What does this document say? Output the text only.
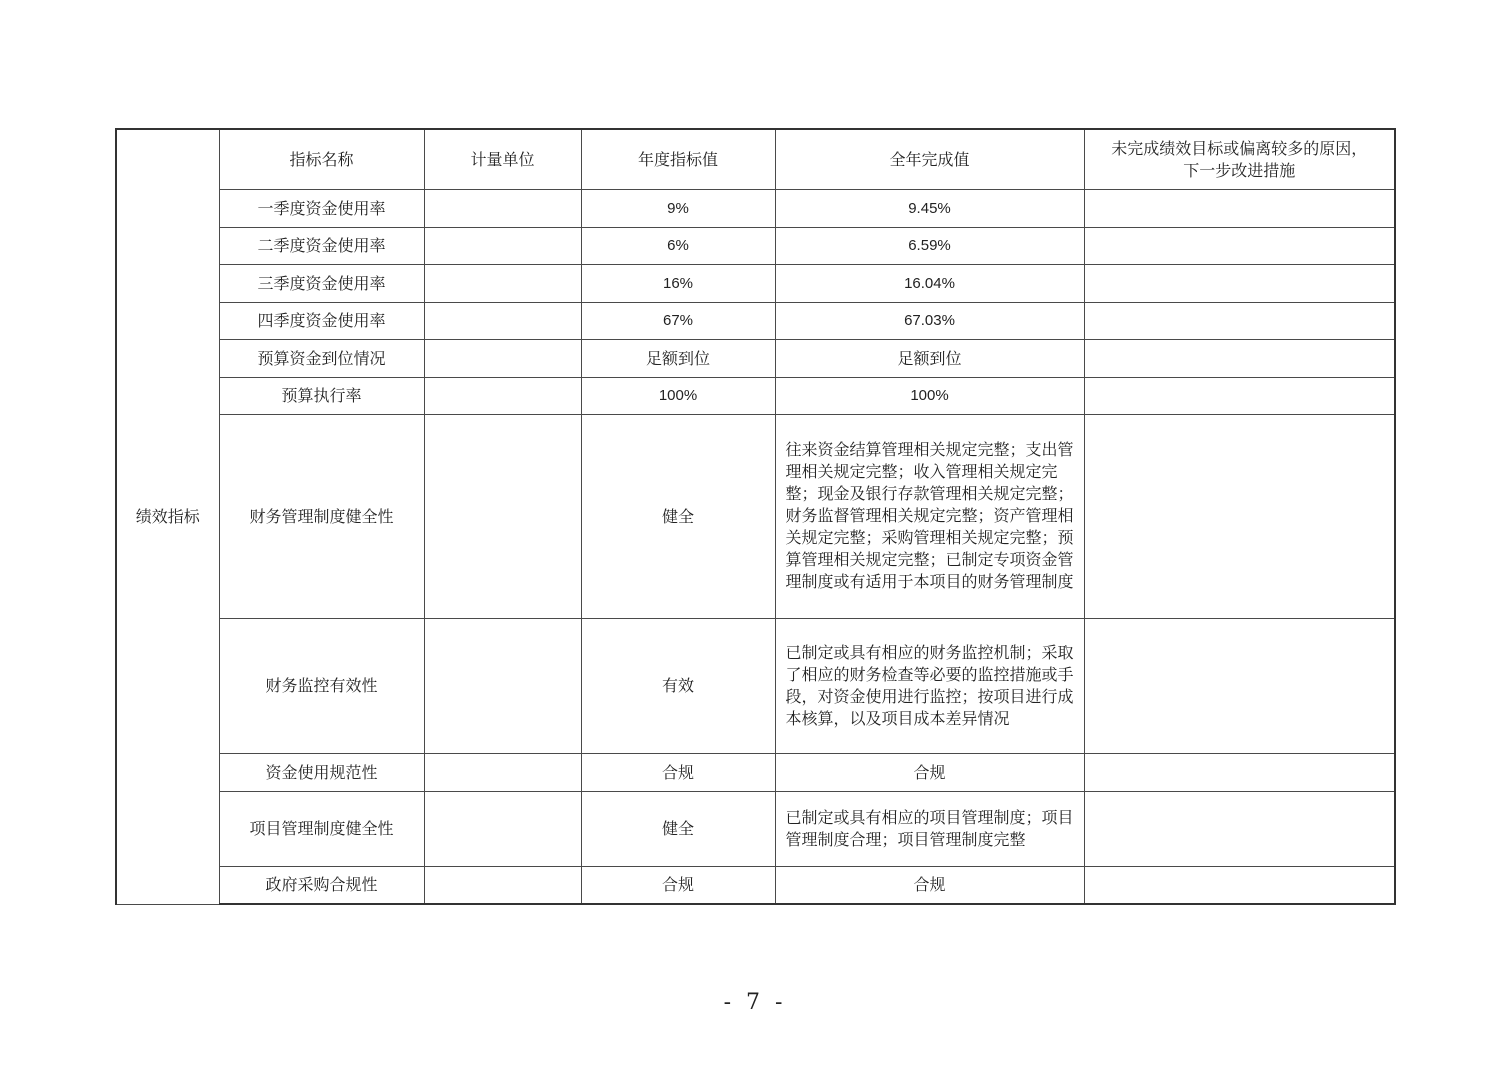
绩效指标	指标名称	计量单位	年度指标值	全年完成值	未完成绩效目标或偏离较多的原因，
下一步改进措施
	一季度资金使用率		9%	9.45%	
	二季度资金使用率		6%	6.59%	
	三季度资金使用率		16%	16.04%	
	四季度资金使用率		67%	67.03%	
	预算资金到位情况		足额到位	足额到位	
	预算执行率		100%	100%	
	财务管理制度健全性		健全	往来资金结算管理相关规定完整；支出管理相关规定完整；收入管理相关规定完整；现金及银行存款管理相关规定完整；财务监督管理相关规定完整；资产管理相关规定完整；采购管理相关规定完整；预算管理相关规定完整；已制定专项资金管理制度或有适用于本项目的财务管理制度	
	财务监控有效性		有效	已制定或具有相应的财务监控机制；采取了相应的财务检查等必要的监控措施或手段，对资金使用进行监控；按项目进行成本核算，以及项目成本差异情况	
	资金使用规范性		合规	合规	
	项目管理制度健全性		健全	已制定或具有相应的项目管理制度；项目管理制度合理；项目管理制度完整	
	政府采购合规性		合规	合规	
- 7 -
